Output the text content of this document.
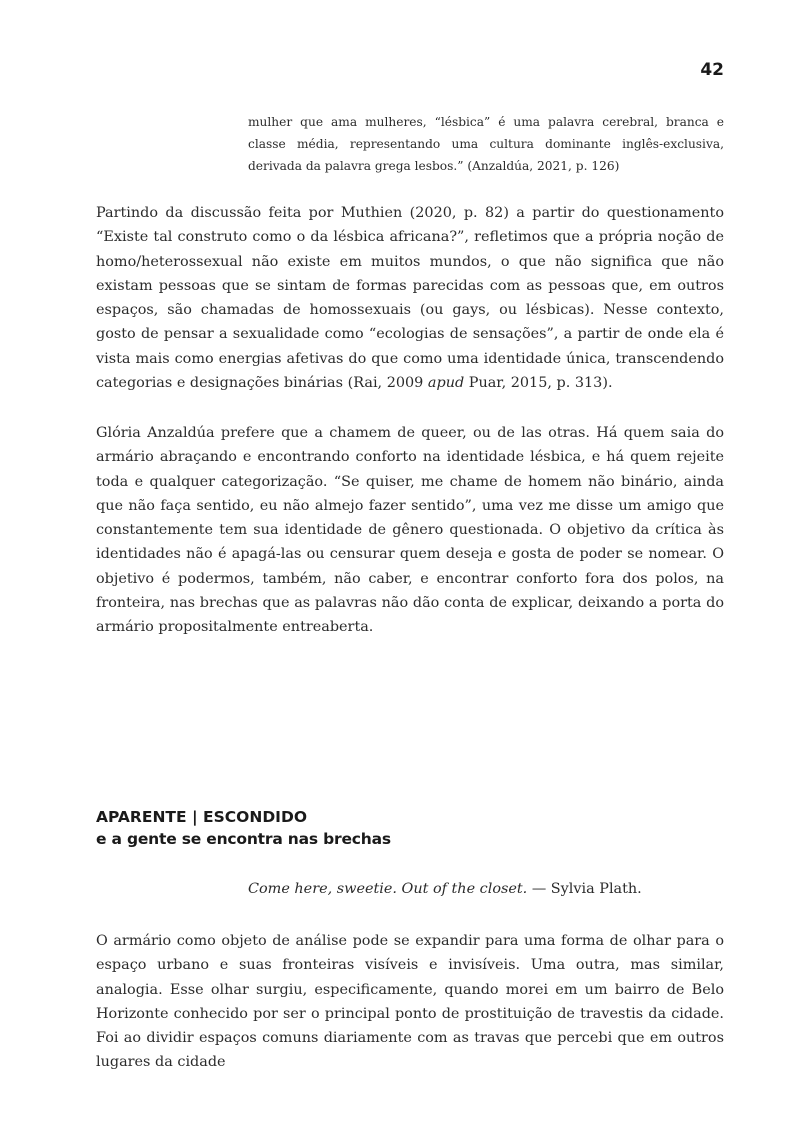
42

mulher que ama mulheres, “lésbica” é uma palavra cerebral, branca e classe média, representando uma cultura dominante inglês-exclusiva, derivada da palavra grega lesbos.” (Anzaldúa, 2021, p. 126)

Partindo da discussão feita por Muthien (2020, p. 82) a partir do questionamento “Existe tal construto como o da lésbica africana?”, refletimos que a própria noção de homo/heterossexual não existe em muitos mundos, o que não significa que não existam pessoas que se sintam de formas parecidas com as pessoas que, em outros espaços, são chamadas de homossexuais (ou gays, ou lésbicas). Nesse contexto, gosto de pensar a sexualidade como “ecologias de sensações”, a partir de onde ela é vista mais como energias afetivas do que como uma identidade única, transcendendo categorias e designações binárias (Rai, 2009 apud Puar, 2015, p. 313).

Glória Anzaldúa prefere que a chamem de queer, ou de las otras. Há quem saia do armário abraçando e encontrando conforto na identidade lésbica, e há quem rejeite toda e qualquer categorização. “Se quiser, me chame de homem não binário, ainda que não faça sentido, eu não almejo fazer sentido”, uma vez me disse um amigo que constantemente tem sua identidade de gênero questionada. O objetivo da crítica às identidades não é apagá-las ou censurar quem deseja e gosta de poder se nomear. O objetivo é podermos, também, não caber, e encontrar conforto fora dos polos, na fronteira, nas brechas que as palavras não dão conta de explicar, deixando a porta do armário propositalmente entreaberta.

APARENTE | ESCONDIDO
e a gente se encontra nas brechas

Come here, sweetie. Out of the closet. — Sylvia Plath.

O armário como objeto de análise pode se expandir para uma forma de olhar para o espaço urbano e suas fronteiras visíveis e invisíveis. Uma outra, mas similar, analogia. Esse olhar surgiu, especificamente, quando morei em um bairro de Belo Horizonte conhecido por ser o principal ponto de prostituição de travestis da cidade. Foi ao dividir espaços comuns diariamente com as travas que percebi que em outros lugares da cidade
